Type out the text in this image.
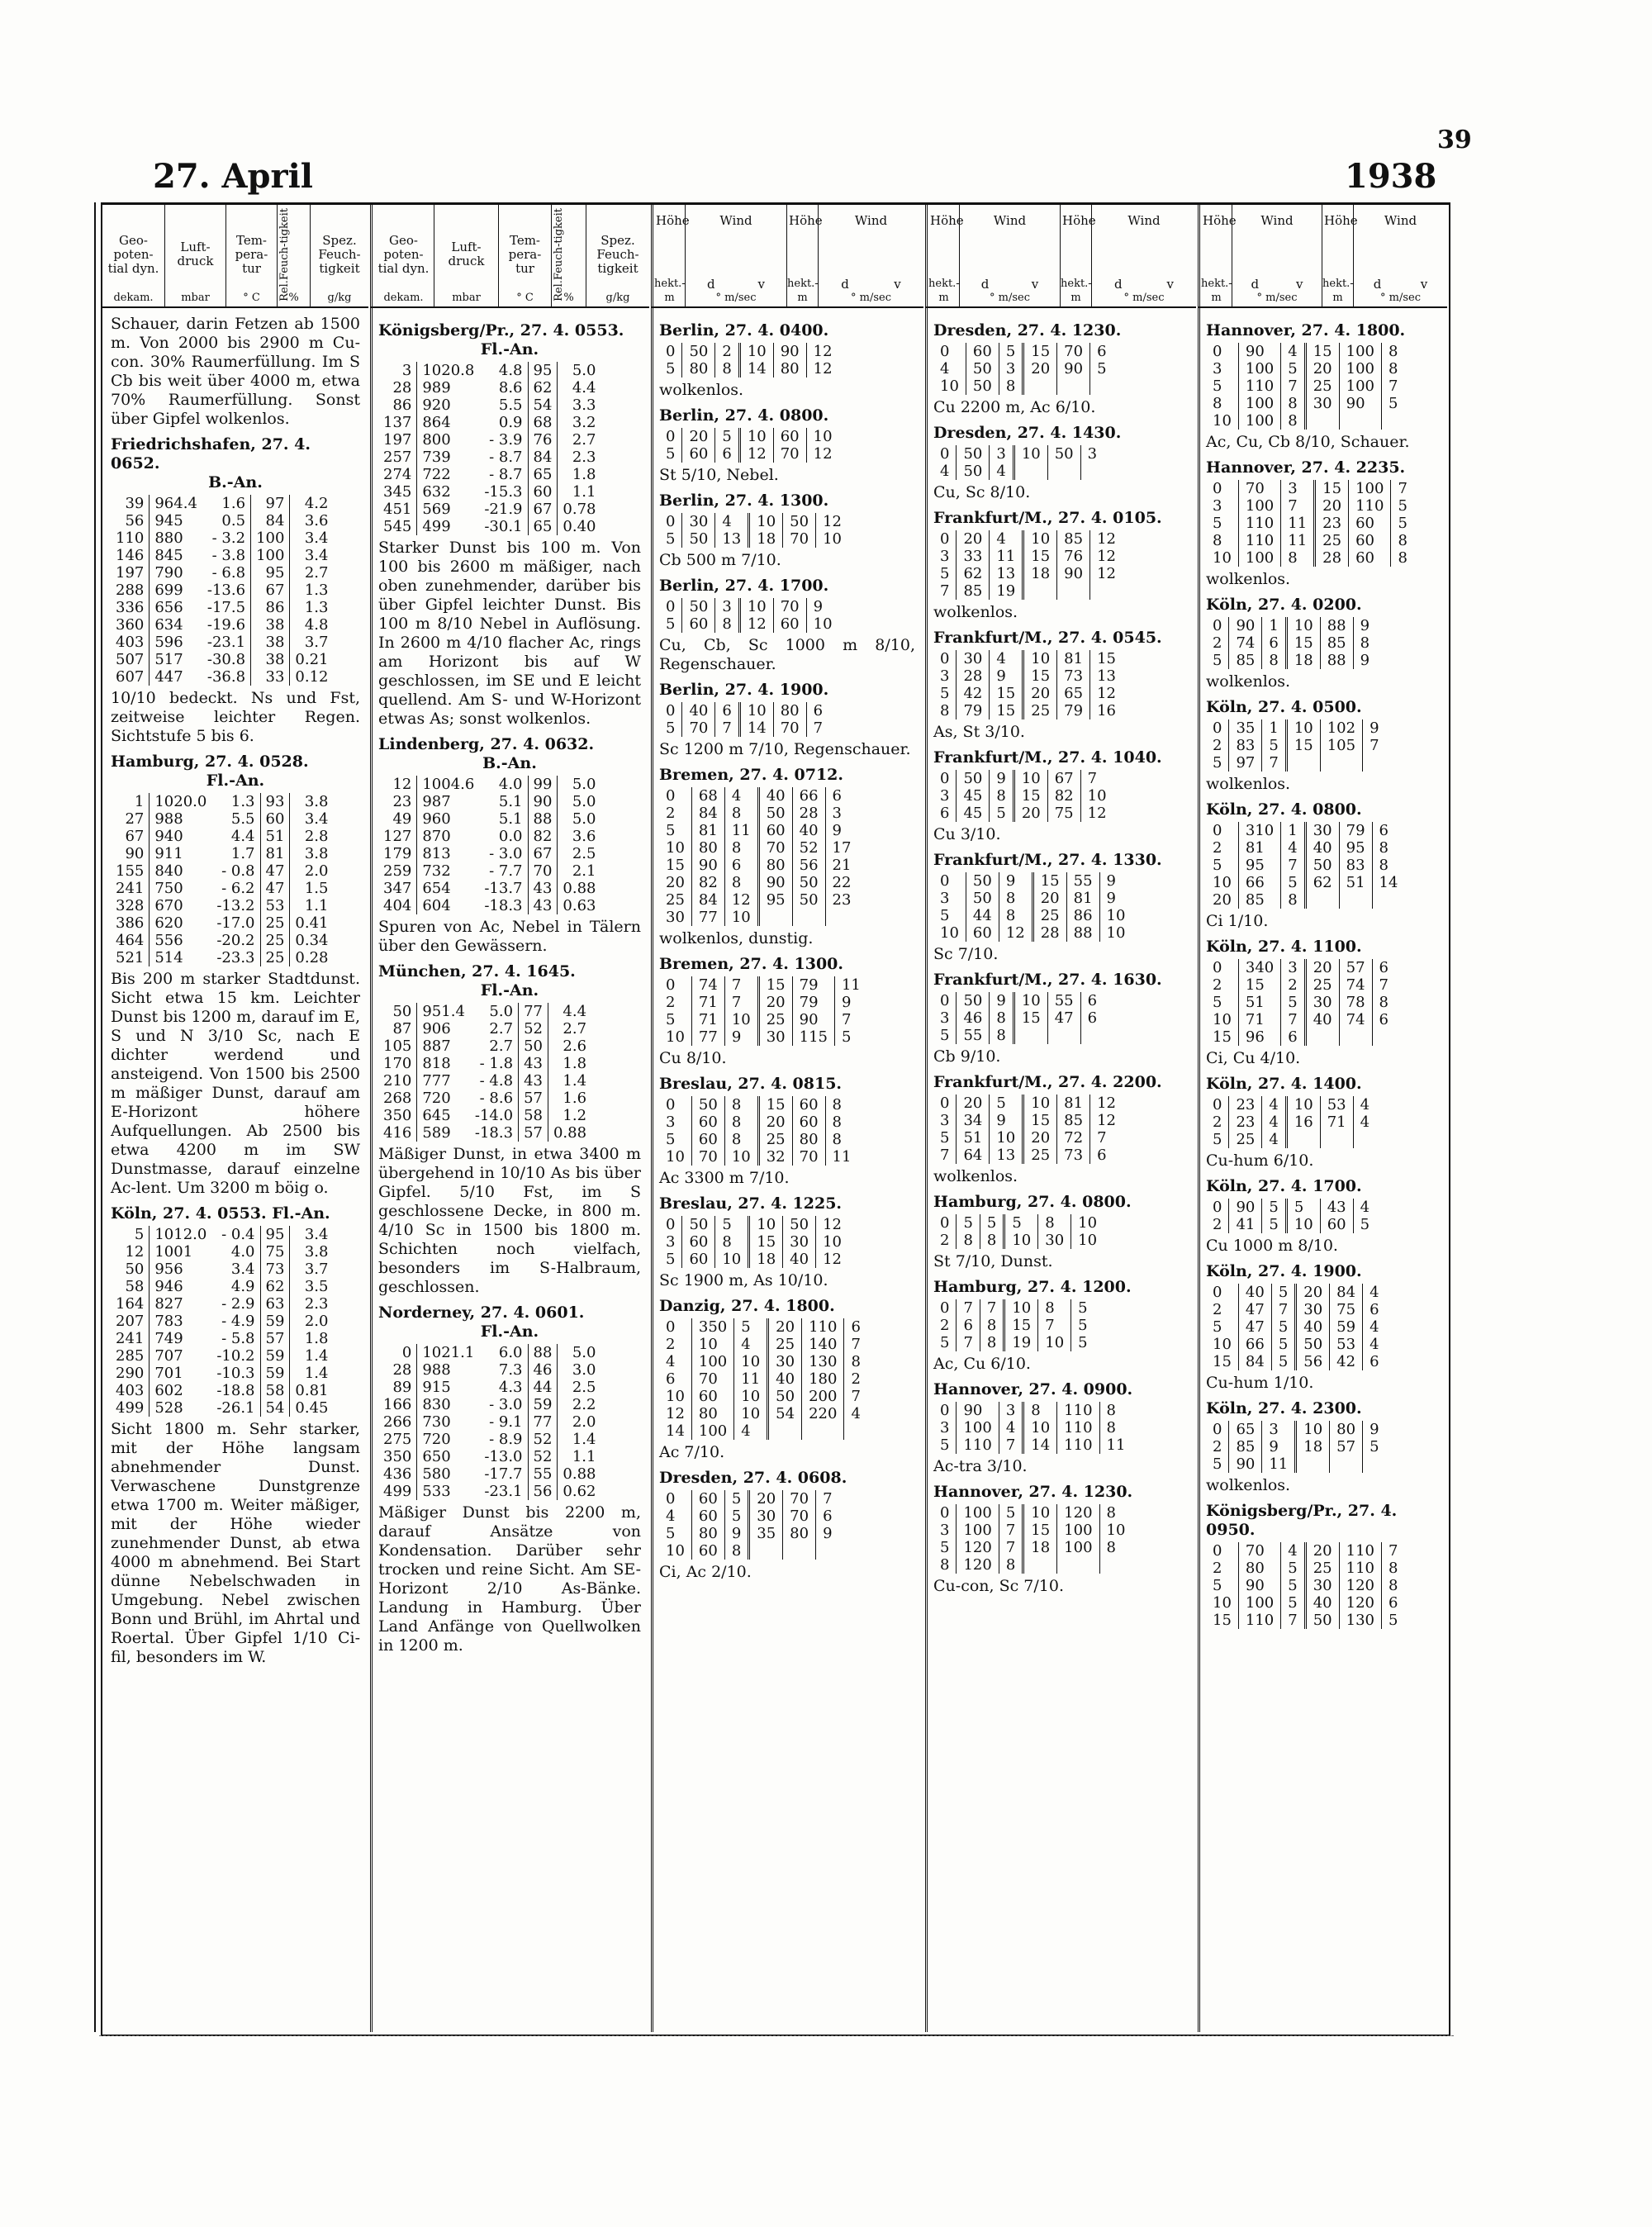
39
27. April	1938
Geo-poten-tial dyn.
dekam.
Luft-druck
mbar
Tem-pera-tur
° C	Rel.Feuch-tigkeit
%
Spez. Feuch-tigkeit
g/kg
Schauer, darin Fetzen ab 1500 m. Von 2000 bis 2900 m Cu-con. 30% Raumerfüllung. Im S Cb bis weit über 4000 m, etwa 70% Raumerfüllung. Sonst über Gipfel wolkenlos.
Friedrichshafen, 27. 4. 0652.
B.-An.
39	964.4	1.6	97	4.2
56	945	0.5	84	3.6
110	880	- 3.2	100	3.4
146	845	- 3.8	100	3.4
197	790	- 6.8	95	2.7
288	699	-13.6	67	1.3
336	656	-17.5	86	1.3
360	634	-19.6	38	4.8
403	596	-23.1	38	3.7
507	517	-30.8	38	0.21
607	447	-36.8	33	0.12
10/10 bedeckt. Ns und Fst, zeitweise leichter Regen. Sichtstufe 5 bis 6.
Hamburg, 27. 4. 0528.
Fl.-An.
1	1020.0	1.3	93	3.8
27	988	5.5	60	3.4
67	940	4.4	51	2.8
90	911	1.7	81	3.8
155	840	- 0.8	47	2.0
241	750	- 6.2	47	1.5
328	670	-13.2	53	1.1
386	620	-17.0	25	0.41
464	556	-20.2	25	0.34
521	514	-23.3	25	0.28
Bis 200 m starker Stadtdunst. Sicht etwa 15 km. Leichter Dunst bis 1200 m, darauf im E, S und N 3/10 Sc, nach E dichter werdend und ansteigend. Von 1500 bis 2500 m mäßiger Dunst, darauf am E-Horizont höhere Aufquellungen. Ab 2500 bis etwa 4200 m im SW Dunstmasse, darauf einzelne Ac-lent. Um 3200 m böig o.
Köln, 27. 4. 0553. Fl.-An.
5	1012.0	- 0.4	95	3.4
12	1001	4.0	75	3.8
50	956	3.4	73	3.7
58	946	4.9	62	3.5
164	827	- 2.9	63	2.3
207	783	- 4.9	59	2.0
241	749	- 5.8	57	1.8
285	707	-10.2	59	1.4
290	701	-10.3	59	1.4
403	602	-18.8	58	0.81
499	528	-26.1	54	0.45
Sicht 1800 m. Sehr starker, mit der Höhe langsam abnehmender Dunst. Verwaschene Dunstgrenze etwa 1700 m. Weiter mäßiger, mit der Höhe wieder zunehmender Dunst, ab etwa 4000 m abnehmend. Bei Start dünne Nebelschwaden in Umgebung. Nebel zwischen Bonn und Brühl, im Ahrtal und Roertal. Über Gipfel 1/10 Ci-fil, besonders im W.
Geo-poten-tial dyn.
dekam.
Luft-druck
mbar
Tem-pera-tur
° C	Rel.Feuch-tigkeit
%
Spez. Feuch-tigkeit
g/kg
Königsberg/Pr., 27. 4. 0553.
Fl.-An.
3	1020.8	4.8	95	5.0
28	989	8.6	62	4.4
86	920	5.5	54	3.3
137	864	0.9	68	3.2
197	800	- 3.9	76	2.7
257	739	- 8.7	84	2.3
274	722	- 8.7	65	1.8
345	632	-15.3	60	1.1
451	569	-21.9	67	0.78
545	499	-30.1	65	0.40
Starker Dunst bis 100 m. Von 100 bis 2600 m mäßiger, nach oben zunehmender, darüber bis über Gipfel leichter Dunst. Bis 100 m 8/10 Nebel in Auflösung. In 2600 m 4/10 flacher Ac, rings am Horizont bis auf W geschlossen, im SE und E leicht quellend. Am S- und W-Horizont etwas As; sonst wolkenlos.
Lindenberg, 27. 4. 0632.
B.-An.
12	1004.6	4.0	99	5.0
23	987	5.1	90	5.0
49	960	5.1	88	5.0
127	870	0.0	82	3.6
179	813	- 3.0	67	2.5
259	732	- 7.7	70	2.1
347	654	-13.7	43	0.88
404	604	-18.3	43	0.63
Spuren von Ac, Nebel in Tälern über den Gewässern.
München, 27. 4. 1645.
Fl.-An.
50	951.4	5.0	77	4.4
87	906	2.7	52	2.7
105	887	2.7	50	2.6
170	818	- 1.8	43	1.8
210	777	- 4.8	43	1.4
268	720	- 8.6	57	1.6
350	645	-14.0	58	1.2
416	589	-18.3	57	0.88
Mäßiger Dunst, in etwa 3400 m übergehend in 10/10 As bis über Gipfel. 5/10 Fst, im S geschlossene Decke, in 800 m. 4/10 Sc in 1500 bis 1800 m. Schichten noch vielfach, besonders im S-Halbraum, geschlossen.
Norderney, 27. 4. 0601.
Fl.-An.
0	1021.1	6.0	88	5.0
28	988	7.3	46	3.0
89	915	4.3	44	2.5
166	830	- 3.0	59	2.2
266	730	- 9.1	77	2.0
275	720	- 8.9	52	1.4
350	650	-13.0	52	1.1
436	580	-17.7	55	0.88
499	533	-23.1	56	0.62
Mäßiger Dunst bis 2200 m, darauf Ansätze von Kondensation. Darüber sehr trocken und reine Sicht. Am SE-Horizont 2/10 As-Bänke. Landung in Hamburg. Über Land Anfänge von Quellwolken in 1200 m.
Höhe
hekt.- m
Wind
d	v
° m/sec
Höhe
hekt.- m
Wind
d	v
° m/sec
Berlin, 27. 4. 0400.
0	50	2	10	90	12
5	80	8	14	80	12
wolkenlos.
Berlin, 27. 4. 0800.
0	20	5	10	60	10
5	60	6	12	70	12
St 5/10, Nebel.
Berlin, 27. 4. 1300.
0	30	4	10	50	12
5	50	13	18	70	10
Cb 500 m 7/10.
Berlin, 27. 4. 1700.
0	50	3	10	70	9
5	60	8	12	60	10
Cu, Cb, Sc 1000 m 8/10, Regenschauer.
Berlin, 27. 4. 1900.
0	40	6	10	80	6
5	70	7	14	70	7
Sc 1200 m 7/10, Regenschauer.
Bremen, 27. 4. 0712.
0	68	4	40	66	6
2	84	8	50	28	3
5	81	11	60	40	9
10	80	8	70	52	17
15	90	6	80	56	21
20	82	8	90	50	22
25	84	12	95	50	23
30	77	10			
wolkenlos, dunstig.
Bremen, 27. 4. 1300.
0	74	7	15	79	11
2	71	7	20	79	9
5	71	10	25	90	7
10	77	9	30	115	5
Cu 8/10.
Breslau, 27. 4. 0815.
0	50	8	15	60	8
3	60	8	20	60	8
5	60	8	25	80	8
10	70	10	32	70	11
Ac 3300 m 7/10.
Breslau, 27. 4. 1225.
0	50	5	10	50	12
3	60	8	15	30	10
5	60	10	18	40	12
Sc 1900 m, As 10/10.
Danzig, 27. 4. 1800.
0	350	5	20	110	6
2	10	4	25	140	7
4	100	10	30	130	8
6	70	11	40	180	2
10	60	10	50	200	7
12	80	10	54	220	4
14	100	4			
Ac 7/10.
Dresden, 27. 4. 0608.
0	60	5	20	70	7
4	60	5	30	70	6
5	80	9	35	80	9
10	60	8			
Ci, Ac 2/10.
Höhe
hekt.- m
Wind
d	v
° m/sec
Höhe
hekt.- m
Wind
d	v
° m/sec
Dresden, 27. 4. 1230.
0	60	5	15	70	6
4	50	3	20	90	5
10	50	8			
Cu 2200 m, Ac 6/10.
Dresden, 27. 4. 1430.
0	50	3	10	50	3
4	50	4			
Cu, Sc 8/10.
Frankfurt/M., 27. 4. 0105.
0	20	4	10	85	12
3	33	11	15	76	12
5	62	13	18	90	12
7	85	19			
wolkenlos.
Frankfurt/M., 27. 4. 0545.
0	30	4	10	81	15
3	28	9	15	73	13
5	42	15	20	65	12
8	79	15	25	79	16
As, St 3/10.
Frankfurt/M., 27. 4. 1040.
0	50	9	10	67	7
3	45	8	15	82	10
6	45	5	20	75	12
Cu 3/10.
Frankfurt/M., 27. 4. 1330.
0	50	9	15	55	9
3	50	8	20	81	9
5	44	8	25	86	10
10	60	12	28	88	10
Sc 7/10.
Frankfurt/M., 27. 4. 1630.
0	50	9	10	55	6
3	46	8	15	47	6
5	55	8			
Cb 9/10.
Frankfurt/M., 27. 4. 2200.
0	20	5	10	81	12
3	34	9	15	85	12
5	51	10	20	72	7
7	64	13	25	73	6
wolkenlos.
Hamburg, 27. 4. 0800.
0	5	5	5	8	10
2	8	8	10	30	10
St 7/10, Dunst.
Hamburg, 27. 4. 1200.
0	7	7	10	8	5
2	6	8	15	7	5
5	7	8	19	10	5
Ac, Cu 6/10.
Hannover, 27. 4. 0900.
0	90	3	8	110	8
3	100	4	10	110	8
5	110	7	14	110	11
Ac-tra 3/10.
Hannover, 27. 4. 1230.
0	100	5	10	120	8
3	100	7	15	100	10
5	120	7	18	100	8
8	120	8			
Cu-con, Sc 7/10.
Höhe
hekt.- m
Wind
d	v
° m/sec
Höhe
hekt.- m
Wind
d	v
° m/sec
Hannover, 27. 4. 1800.
0	90	4	15	100	8
3	100	5	20	100	8
5	110	7	25	100	7
8	100	8	30	90	5
10	100	8			
Ac, Cu, Cb 8/10, Schauer.
Hannover, 27. 4. 2235.
0	70	3	15	100	7
3	100	7	20	110	5
5	110	11	23	60	5
8	110	11	25	60	8
10	100	8	28	60	8
wolkenlos.
Köln, 27. 4. 0200.
0	90	1	10	88	9
2	74	6	15	85	8
5	85	8	18	88	9
wolkenlos.
Köln, 27. 4. 0500.
0	35	1	10	102	9
2	83	5	15	105	7
5	97	7			
wolkenlos.
Köln, 27. 4. 0800.
0	310	1	30	79	6
2	81	4	40	95	8
5	95	7	50	83	8
10	66	5	62	51	14
20	85	8			
Ci 1/10.
Köln, 27. 4. 1100.
0	340	3	20	57	6
2	15	2	25	74	7
5	51	5	30	78	8
10	71	7	40	74	6
15	96	6			
Ci, Cu 4/10.
Köln, 27. 4. 1400.
0	23	4	10	53	4
2	23	4	16	71	4
5	25	4			
Cu-hum 6/10.
Köln, 27. 4. 1700.
0	90	5	5	43	4
2	41	5	10	60	5
Cu 1000 m 8/10.
Köln, 27. 4. 1900.
0	40	5	20	84	4
2	47	7	30	75	6
5	47	5	40	59	4
10	66	5	50	53	4
15	84	5	56	42	6
Cu-hum 1/10.
Köln, 27. 4. 2300.
0	65	3	10	80	9
2	85	9	18	57	5
5	90	11			
wolkenlos.
Königsberg/Pr., 27. 4. 0950.
0	70	4	20	110	7
2	80	5	25	110	8
5	90	5	30	120	8
10	100	5	40	120	6
15	110	7	50	130	5
